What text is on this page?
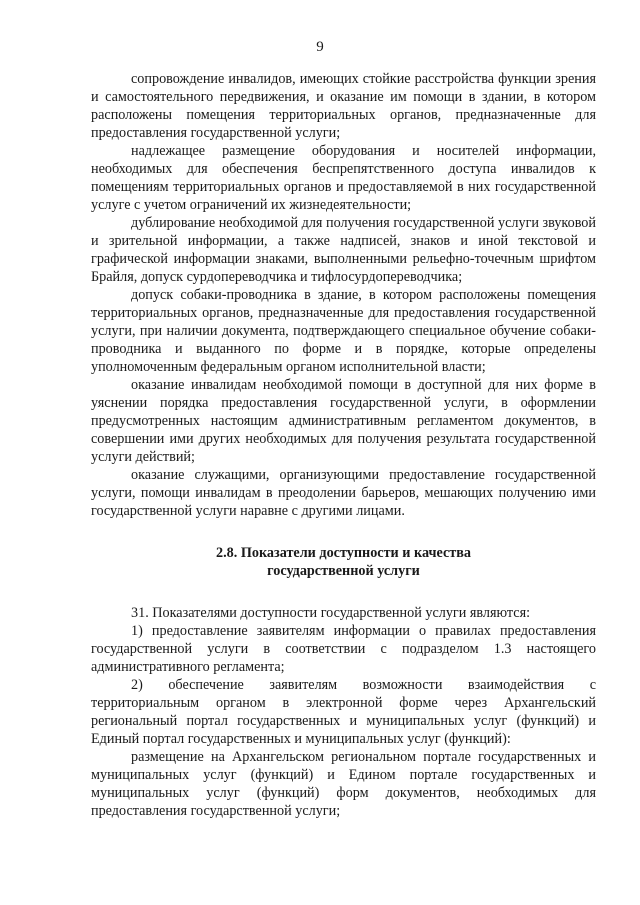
9

сопровождение инвалидов, имеющих стойкие расстройства функции зрения и самостоятельного передвижения, и оказание им помощи в здании, в котором расположены помещения территориальных органов, предназначенные для предоставления государственной услуги;

надлежащее размещение оборудования и носителей информации, необходимых для обеспечения беспрепятственного доступа инвалидов к помещениям территориальных органов и предоставляемой в них государственной услуге с учетом ограничений их жизнедеятельности;

дублирование необходимой для получения государственной услуги звуковой и зрительной информации, а также надписей, знаков и иной текстовой и графической информации знаками, выполненными рельефно-точечным шрифтом Брайля, допуск сурдопереводчика и тифлосурдопереводчика;

допуск собаки-проводника в здание, в котором расположены помещения территориальных органов, предназначенные для предоставления государственной услуги, при наличии документа, подтверждающего специальное обучение собаки-проводника и выданного по форме и в порядке, которые определены уполномоченным федеральным органом исполнительной власти;

оказание инвалидам необходимой помощи в доступной для них форме в уяснении порядка предоставления государственной услуги, в оформлении предусмотренных настоящим административным регламентом документов, в совершении ими других необходимых для получения результата государственной услуги действий;

оказание служащими, организующими предоставление государственной услуги, помощи инвалидам в преодолении барьеров, мешающих получению ими государственной услуги наравне с другими лицами.

2.8. Показатели доступности и качества
государственной услуги

31. Показателями доступности государственной услуги являются:

1) предоставление заявителям информации о правилах предоставления государственной услуги в соответствии с подразделом 1.3 настоящего административного регламента;

2) обеспечение заявителям возможности взаимодействия с территориальным органом в электронной форме через Архангельский региональный портал государственных и муниципальных услуг (функций) и Единый портал государственных и муниципальных услуг (функций):

размещение на Архангельском региональном портале государственных и муниципальных услуг (функций) и Едином портале государственных и муниципальных услуг (функций) форм документов, необходимых для предоставления государственной услуги;
